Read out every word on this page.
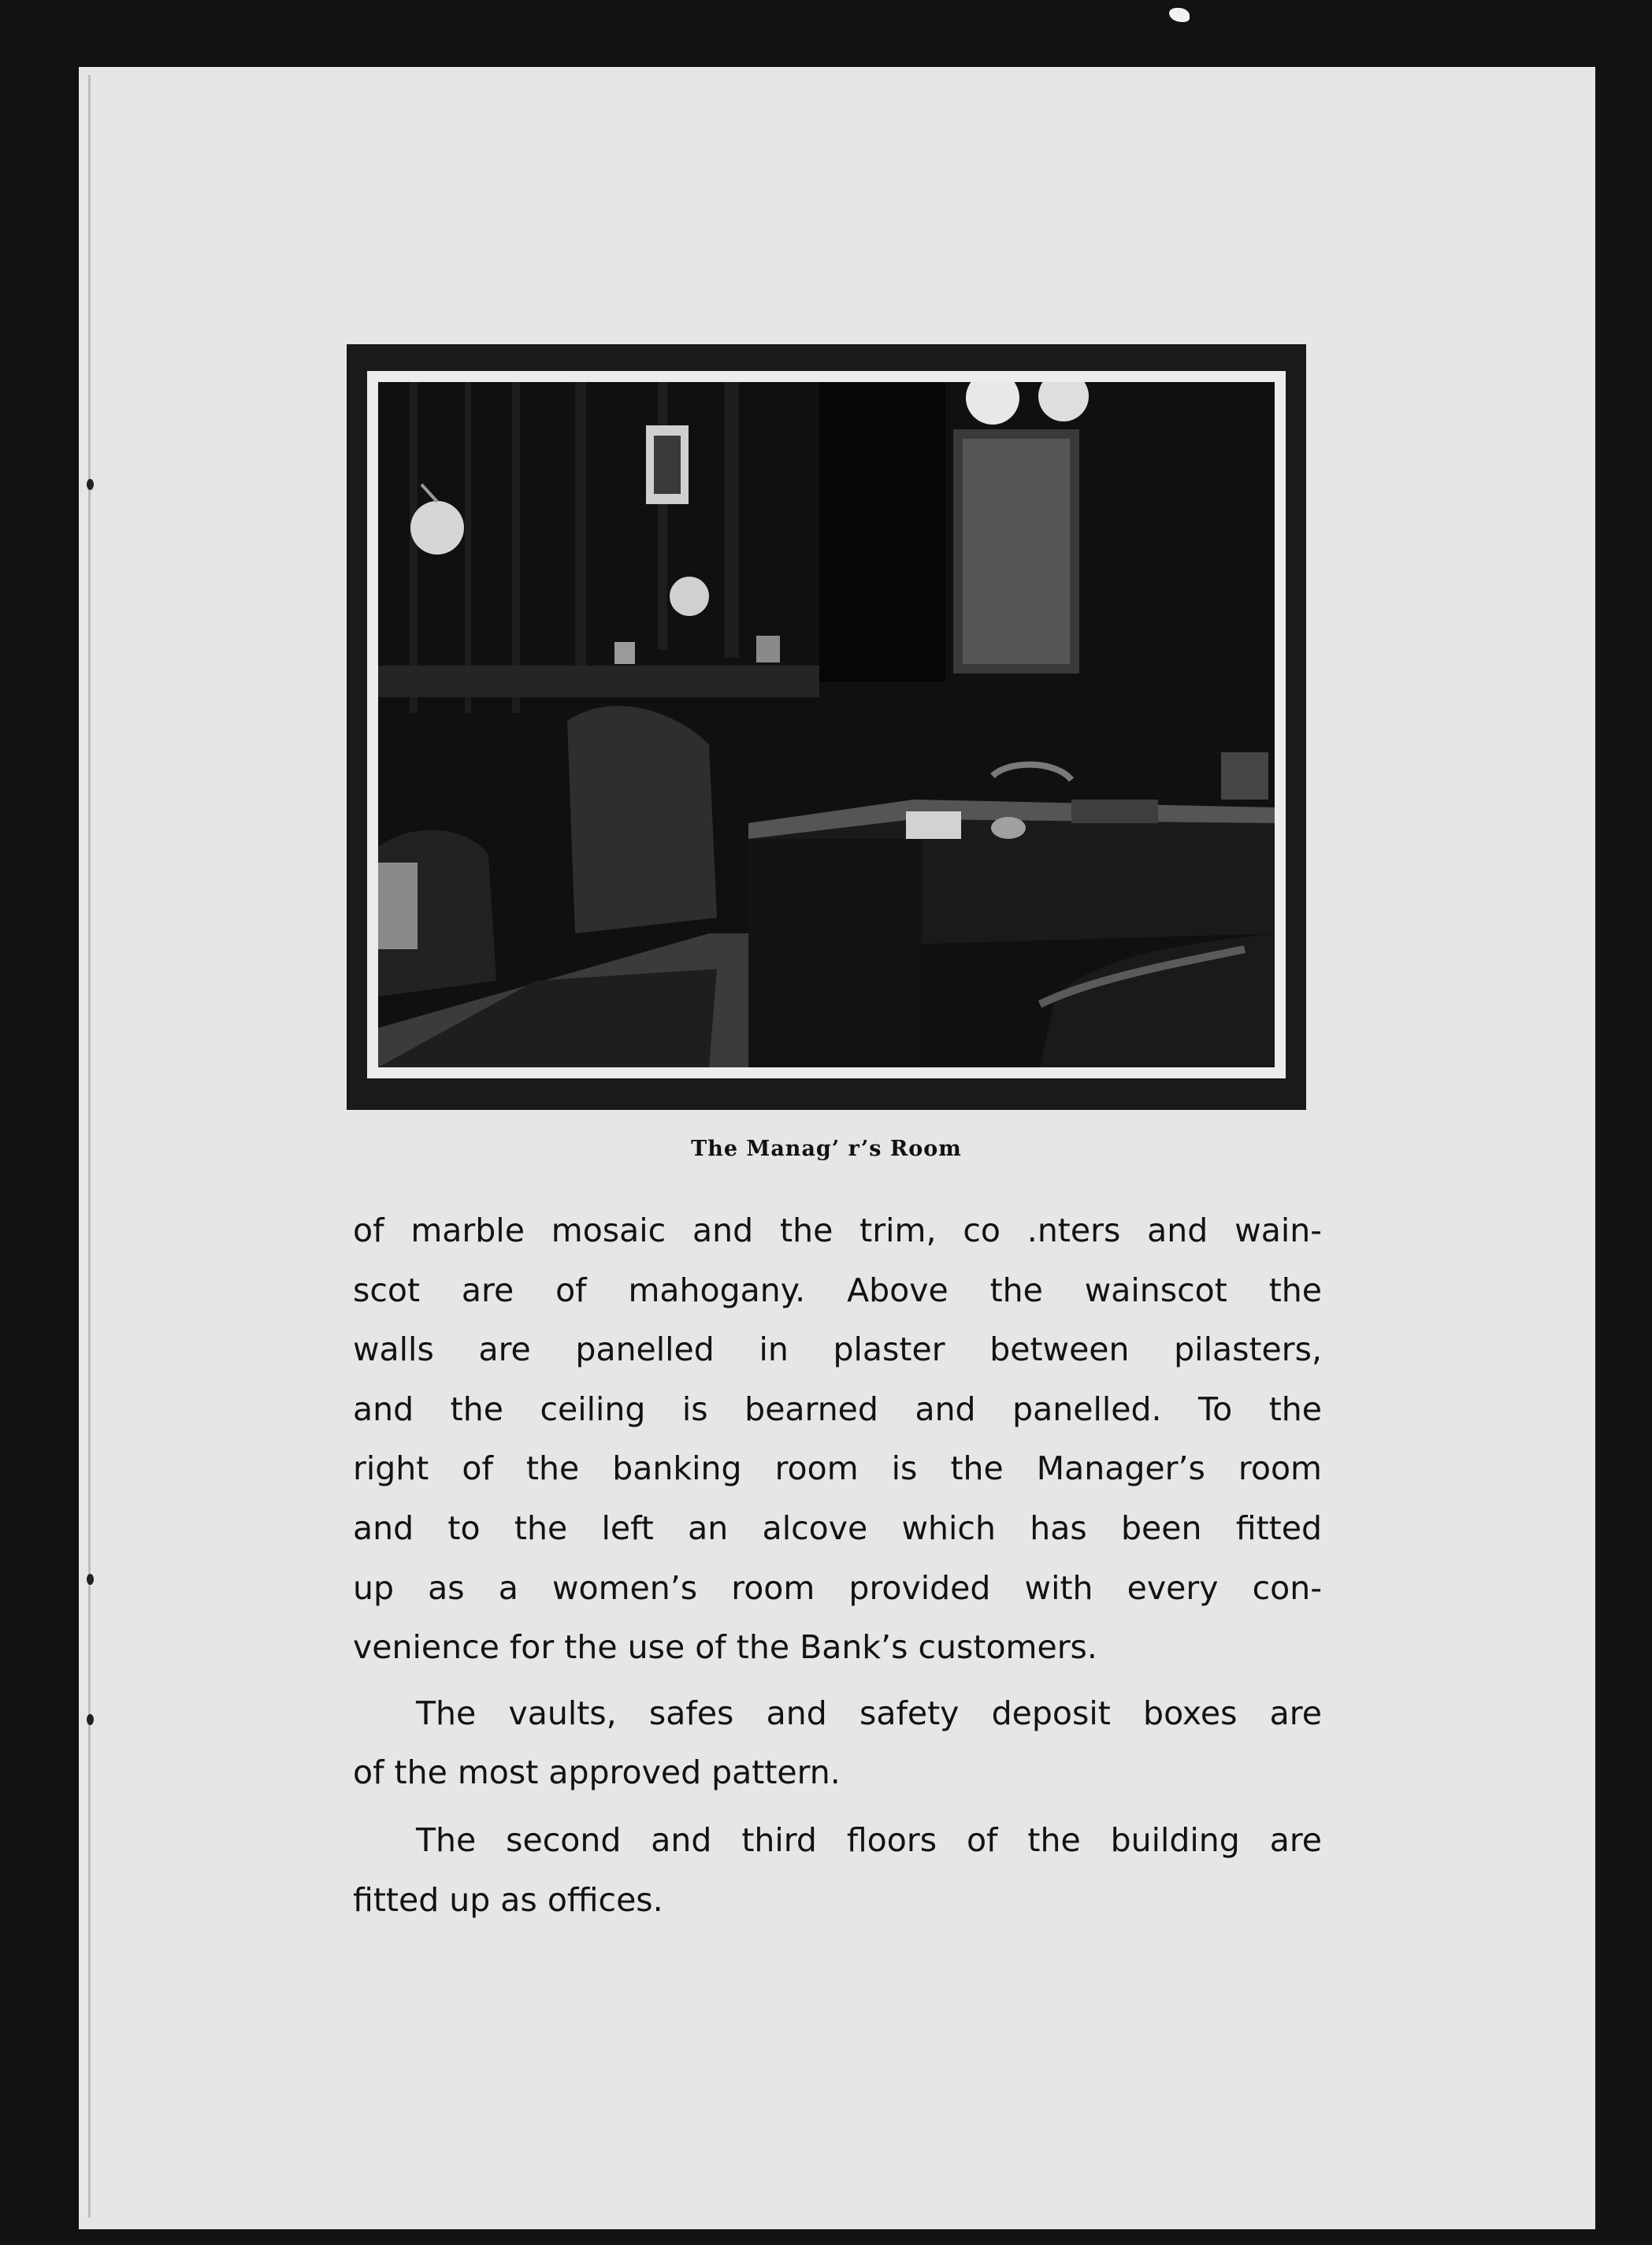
The Manag’ r’s Room
of marble mosaic and the trim, co .nters and wain-
scot are of mahogany. Above the wainscot the
walls are panelled in plaster between pilasters,
and the ceiling is bearned and panelled. To the
right of the banking room is the Manager’s room
and to the left an alcove which has been fitted
up as a women’s room provided with every con-
venience for the use of the Bank’s customers.
The vaults, safes and safety deposit boxes are
of the most approved pattern.
The second and third floors of the building are
fitted up as offices.
